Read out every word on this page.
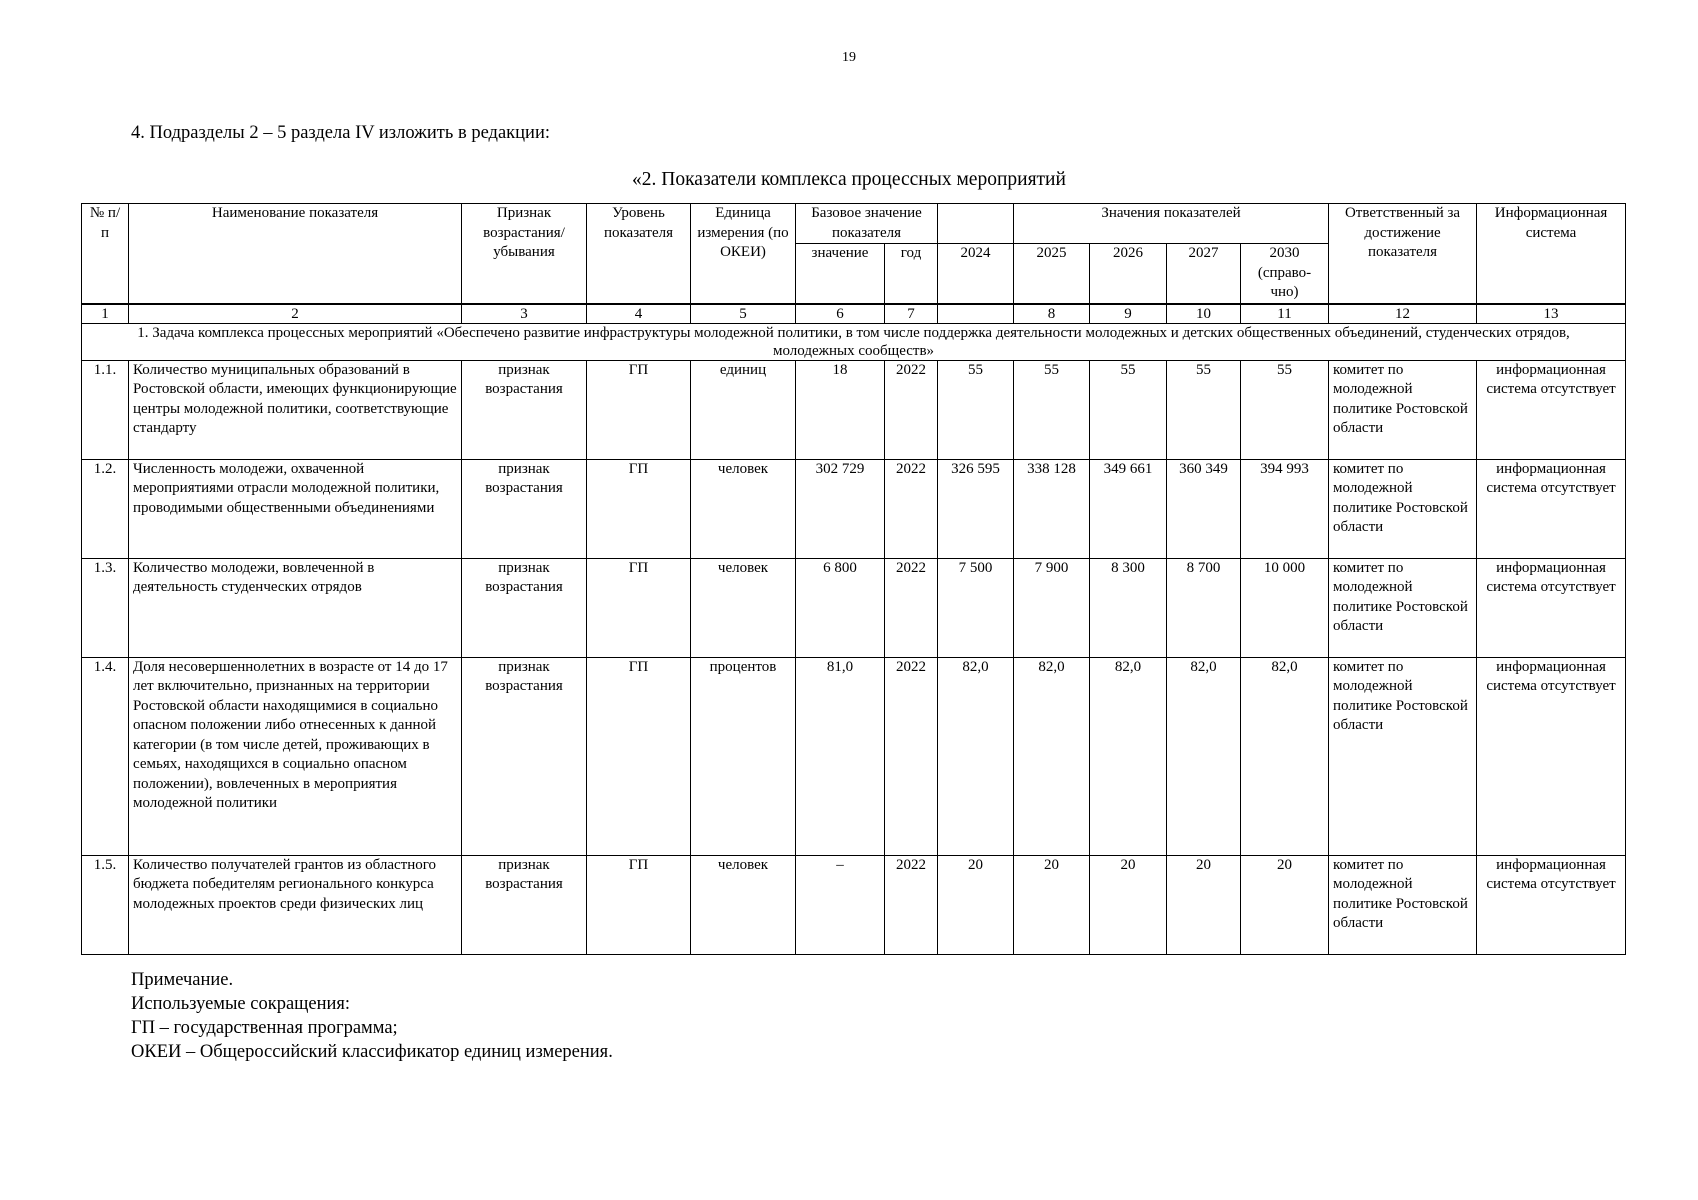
19
4. Подразделы 2 – 5 раздела IV изложить в редакции:
«2. Показатели комплекса процессных мероприятий
№ п/п	Наименование показателя	Признак возрастания/ убывания	Уровень показателя	Единица измерения (по ОКЕИ)	Базовое значение показателя			Значения показателей				Ответственный за достижение показателя	Информационная система
					значение	год	2024	2025	2026	2027	2030 (справо- чно)		
1	2	3	4	5	6	7		8	9	10	11	12	13
1. Задача комплекса процессных мероприятий «Обеспечено развитие инфраструктуры молодежной политики, в том числе поддержка деятельности молодежных и детских общественных объединений, студенческих отрядов, молодежных сообществ»													
1.1.	Количество муниципальных образований в Ростовской области, имеющих функционирующие центры молодежной политики, соответствующие стандарту	признак возрастания	ГП	единиц	18	2022	55	55	55	55	55	комитет по молодежной политике Ростовской области	информационная система отсутствует
1.2.	Численность молодежи, охваченной мероприятиями отрасли молодежной политики, проводимыми общественными объединениями	признак возрастания	ГП	человек	302 729	2022	326 595	338 128	349 661	360 349	394 993	комитет по молодежной политике Ростовской области	информационная система отсутствует
1.3.	Количество молодежи, вовлеченной в деятельность студенческих отрядов	признак возрастания	ГП	человек	6 800	2022	7 500	7 900	8 300	8 700	10 000	комитет по молодежной политике Ростовской области	информационная система отсутствует
1.4.	Доля несовершеннолетних в возрасте от 14 до 17 лет включительно, признанных на территории Ростовской области находящимися в социально опасном положении либо отнесенных к данной категории (в том числе детей, проживающих в семьях, находящихся в социально опасном положении), вовлеченных в мероприятия молодежной политики	признак возрастания	ГП	процентов	81,0	2022	82,0	82,0	82,0	82,0	82,0	комитет по молодежной политике Ростовской области	информационная система отсутствует
1.5.	Количество получателей грантов из областного бюджета победителям регионального конкурса молодежных проектов среди физических лиц	признак возрастания	ГП	человек	–	2022	20	20	20	20	20	комитет по молодежной политике Ростовской области	информационная система отсутствует
Примечание.
Используемые сокращения:
ГП – государственная программа;
ОКЕИ – Общероссийский классификатор единиц измерения.
